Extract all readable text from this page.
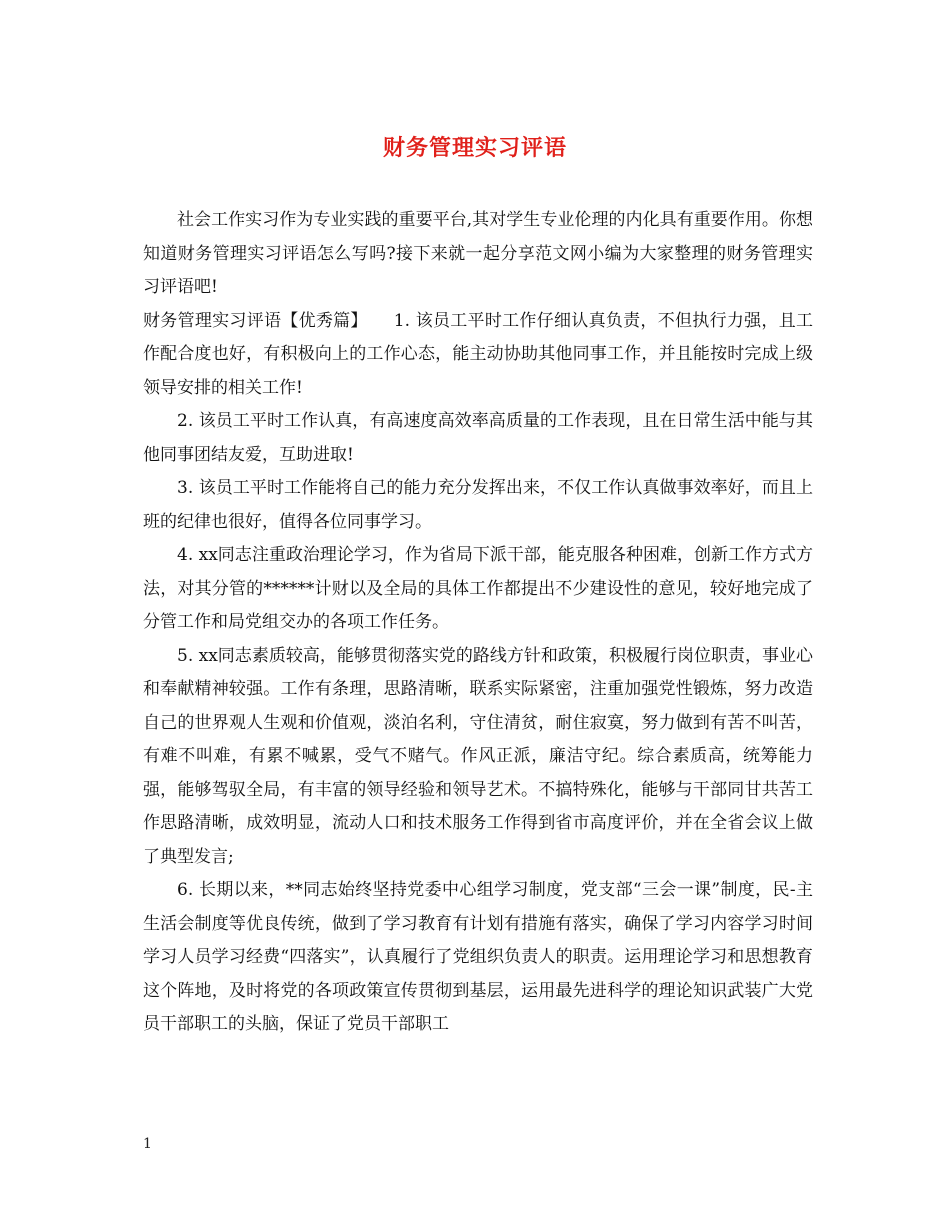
财务管理实习评语

社会工作实习作为专业实践的重要平台,其对学生专业伦理的内化具有重要作用。你想知道财务管理实习评语怎么写吗?接下来就一起分享范文网小编为大家整理的财务管理实习评语吧!

财务管理实习评语【优秀篇】　　1. 该员工平时工作仔细认真负责，不但执行力强，且工作配合度也好，有积极向上的工作心态，能主动协助其他同事工作，并且能按时完成上级领导安排的相关工作!

2. 该员工平时工作认真，有高速度高效率高质量的工作表现，且在日常生活中能与其他同事团结友爱，互助进取!

3. 该员工平时工作能将自己的能力充分发挥出来，不仅工作认真做事效率好，而且上班的纪律也很好，值得各位同事学习。

4. xx同志注重政治理论学习，作为省局下派干部，能克服各种困难，创新工作方式方法，对其分管的******计财以及全局的具体工作都提出不少建设性的意见，较好地完成了分管工作和局党组交办的各项工作任务。

5. xx同志素质较高，能够贯彻落实党的路线方针和政策，积极履行岗位职责，事业心和奉献精神较强。工作有条理，思路清晰，联系实际紧密，注重加强党性锻炼，努力改造自己的世界观人生观和价值观，淡泊名利，守住清贫，耐住寂寞，努力做到有苦不叫苦，有难不叫难，有累不喊累，受气不赌气。作风正派，廉洁守纪。综合素质高，统筹能力强，能够驾驭全局，有丰富的领导经验和领导艺术。不搞特殊化，能够与干部同甘共苦工作思路清晰，成效明显，流动人口和技术服务工作得到省市高度评价，并在全省会议上做了典型发言;

6. 长期以来，**同志始终坚持党委中心组学习制度，党支部“三会一课”制度，民-主生活会制度等优良传统，做到了学习教育有计划有措施有落实，确保了学习内容学习时间学习人员学习经费“四落实”，认真履行了党组织负责人的职责。运用理论学习和思想教育这个阵地，及时将党的各项政策宣传贯彻到基层，运用最先进科学的理论知识武装广大党员干部职工的头脑，保证了党员干部职工

1
